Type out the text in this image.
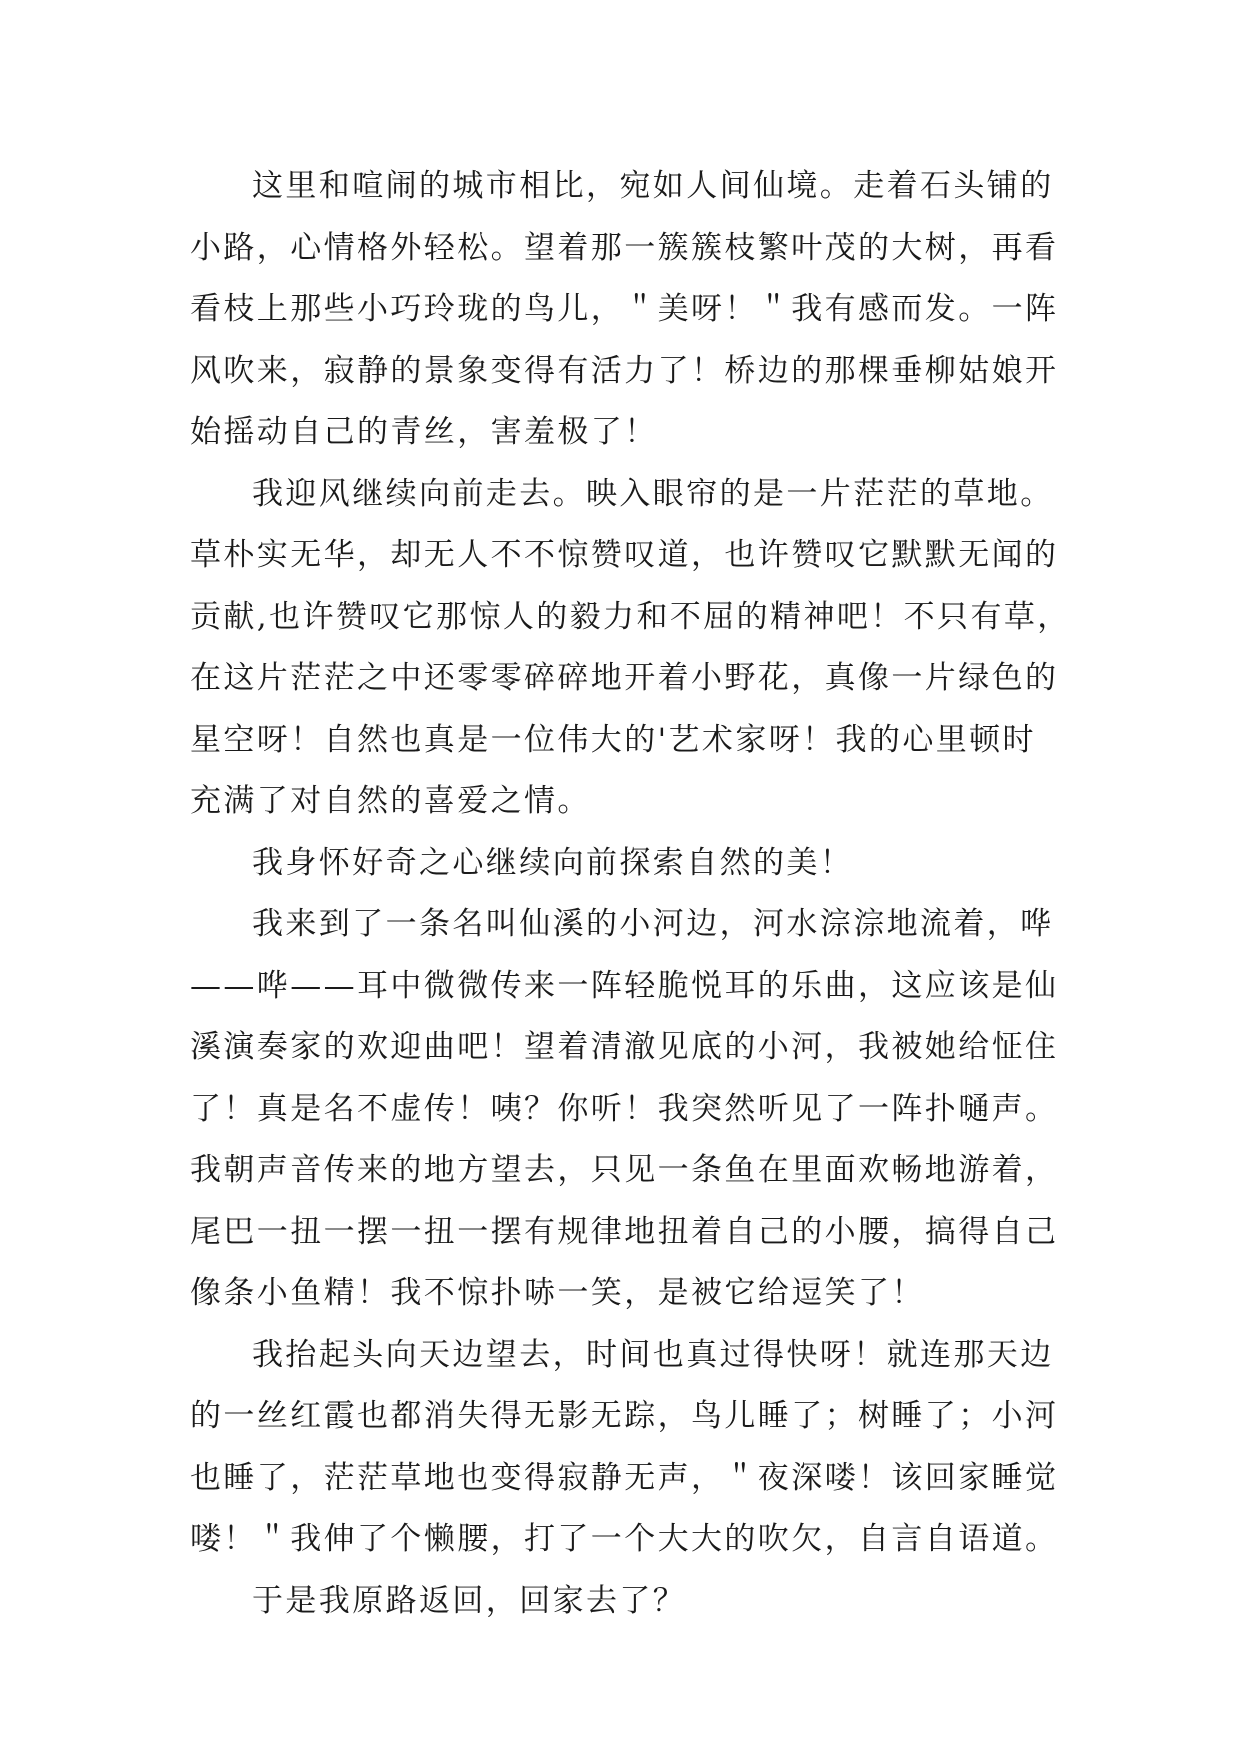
这里和喧闹的城市相比，宛如人间仙境。走着石头铺的
小路，心情格外轻松。望着那一簇簇枝繁叶茂的大树，再看
看枝上那些小巧玲珑的鸟儿，＂美呀！＂我有感而发。一阵
风吹来，寂静的景象变得有活力了！桥边的那棵垂柳姑娘开
始摇动自己的青丝，害羞极了！
我迎风继续向前走去。映入眼帘的是一片茫茫的草地。
草朴实无华，却无人不不惊赞叹道，也许赞叹它默默无闻的
贡献,也许赞叹它那惊人的毅力和不屈的精神吧！不只有草，
在这片茫茫之中还零零碎碎地开着小野花，真像一片绿色的
星空呀！自然也真是一位伟大的'艺术家呀！我的心里顿时
充满了对自然的喜爱之情。
我身怀好奇之心继续向前探索自然的美！
我来到了一条名叫仙溪的小河边，河水淙淙地流着，哗
——哗——耳中微微传来一阵轻脆悦耳的乐曲，这应该是仙
溪演奏家的欢迎曲吧！望着清澈见底的小河，我被她给怔住
了！真是名不虚传！咦？你听！我突然听见了一阵扑嗵声。
我朝声音传来的地方望去，只见一条鱼在里面欢畅地游着，
尾巴一扭一摆一扭一摆有规律地扭着自己的小腰，搞得自己
像条小鱼精！我不惊扑哧一笑，是被它给逗笑了！
我抬起头向天边望去，时间也真过得快呀！就连那天边
的一丝红霞也都消失得无影无踪，鸟儿睡了；树睡了；小河
也睡了，茫茫草地也变得寂静无声，＂夜深喽！该回家睡觉
喽！＂我伸了个懒腰，打了一个大大的吹欠，自言自语道。
于是我原路返回，回家去了？
